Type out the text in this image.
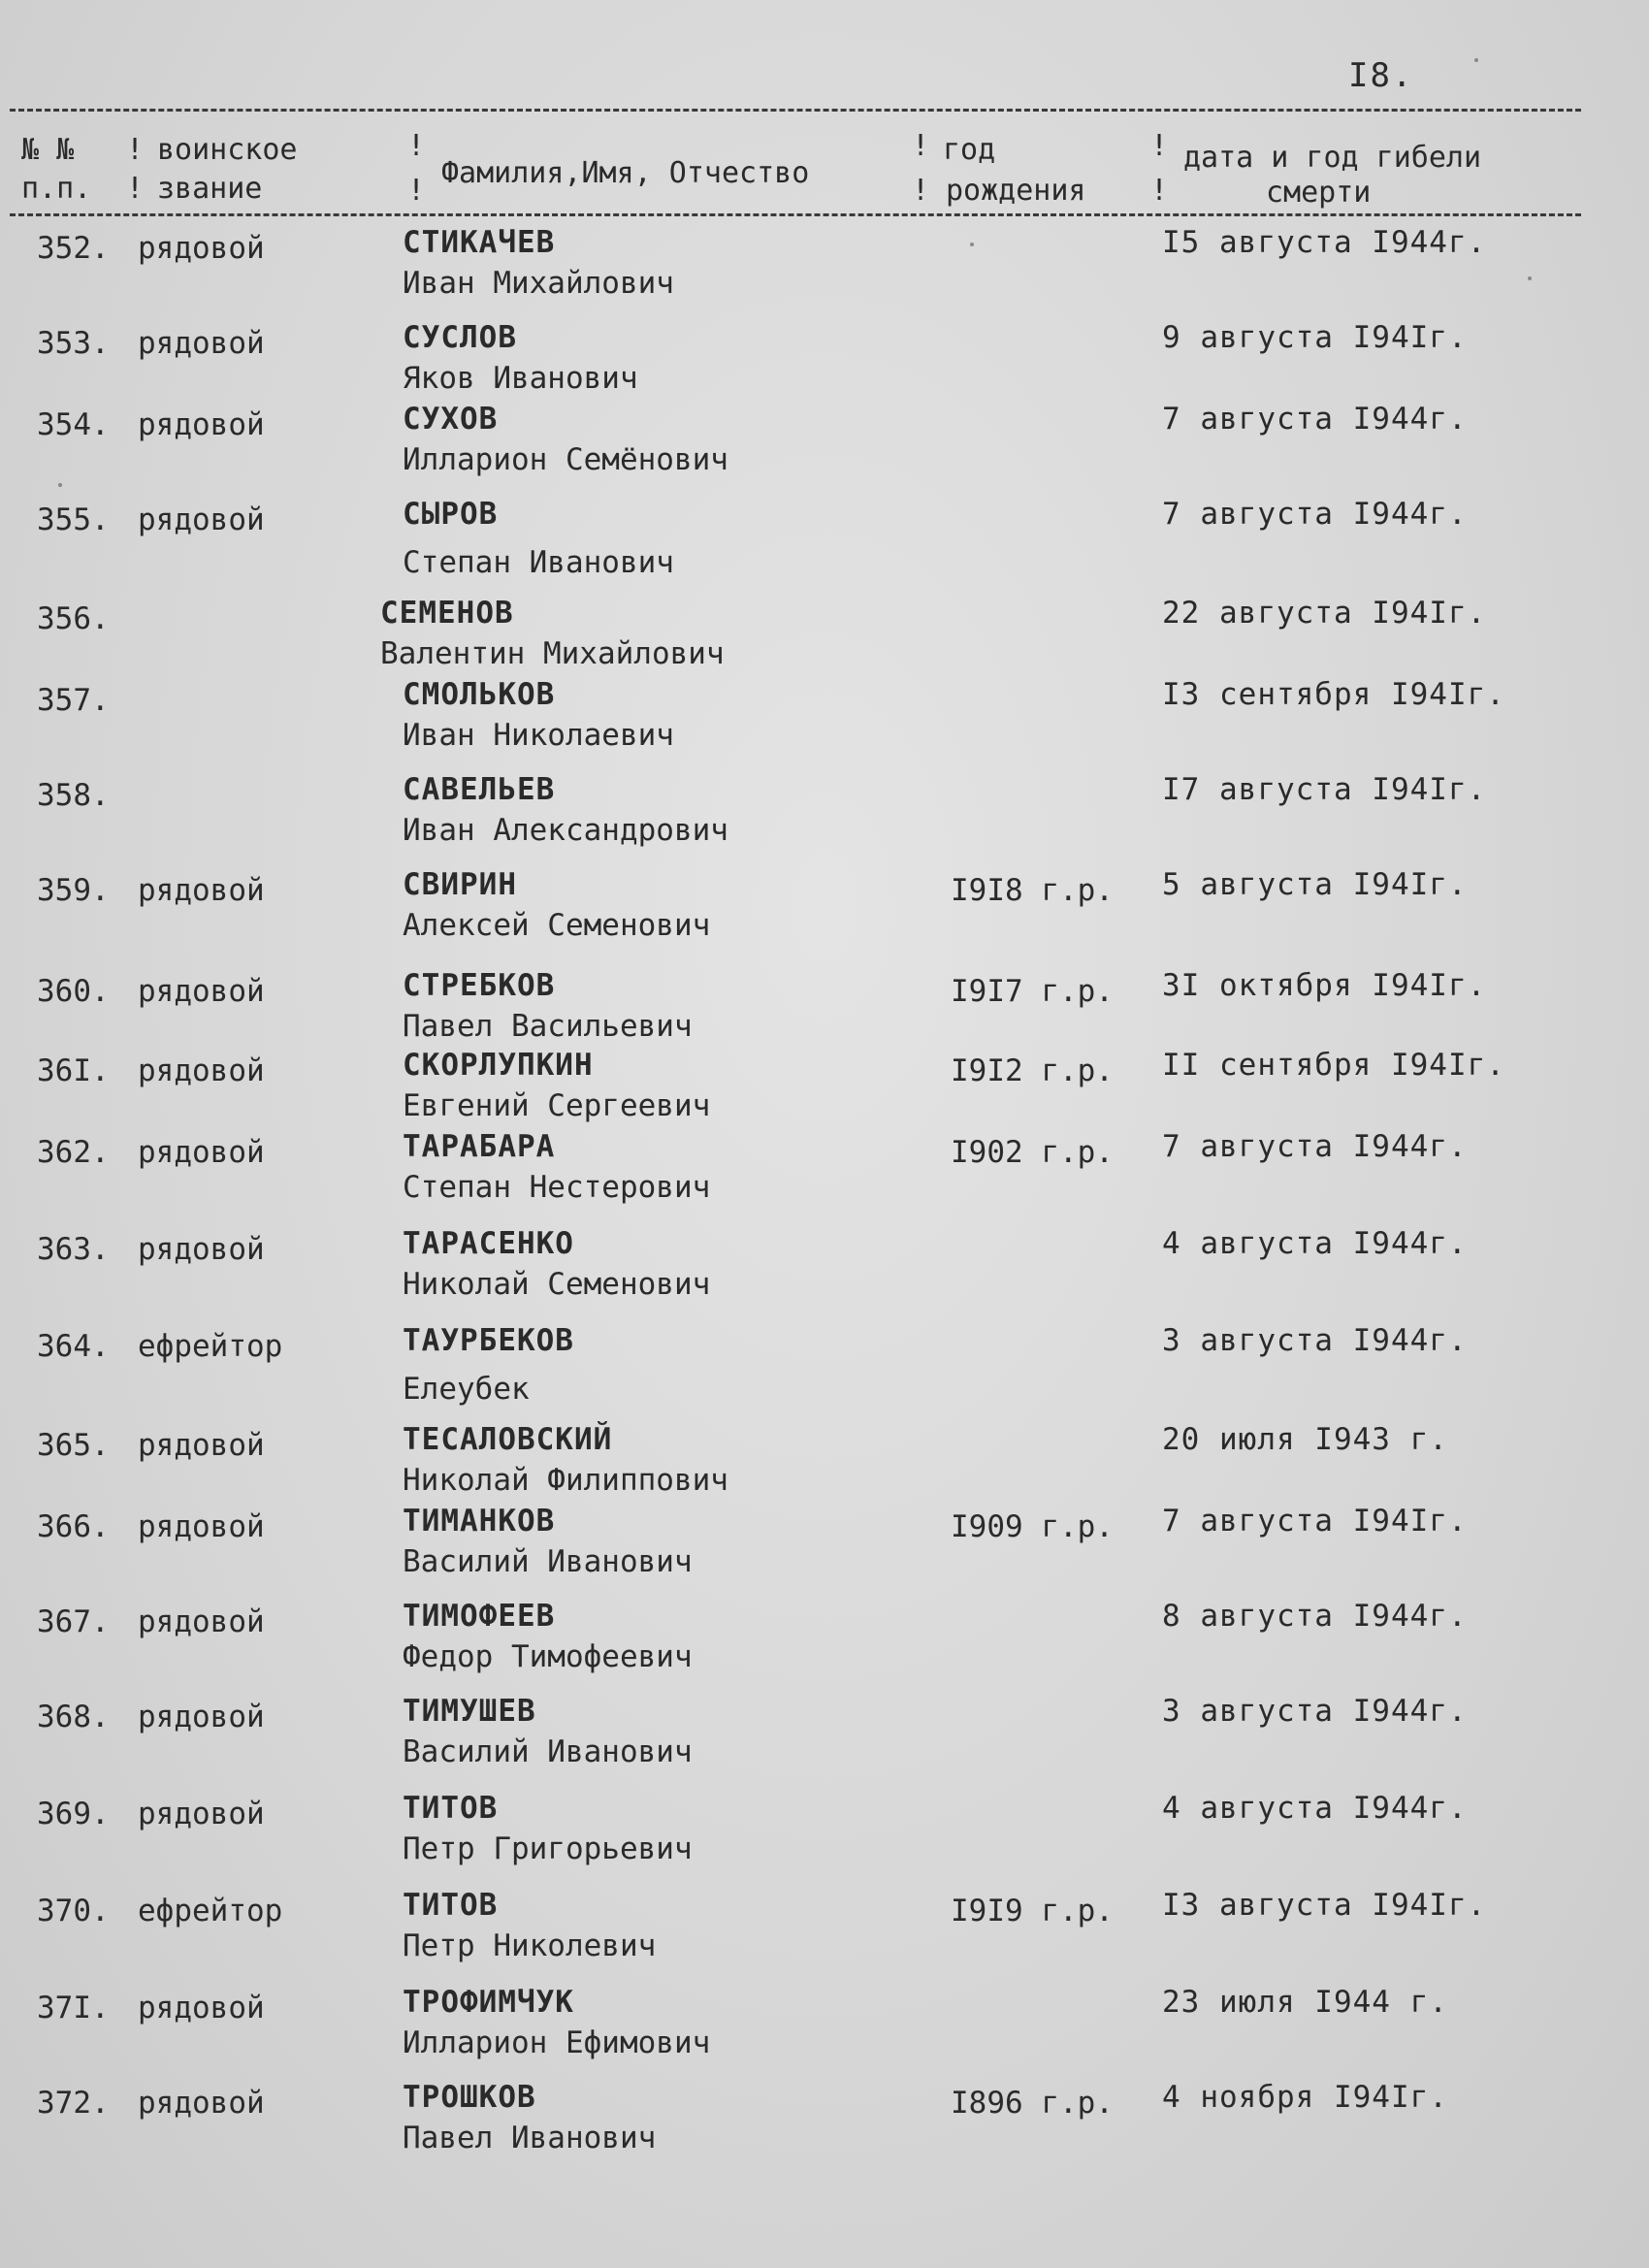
I8.
№ №
п.п.
!
!
воинское
звание
!
!
Фамилия,Имя, Отчество
!
!
год
рождения
!
!
дата и год гибели
смерти
352. рядовой	СТИКАЧЕВ
Иван Михайлович
I5 августа I944г.
353. рядовой	СУСЛОВ
Яков Иванович
9 августа I94Iг.
354. рядовой	СУХОВ
Илларион Семёнович
7 августа I944г.
355. рядовой	СЫРОВ
Степан Иванович
7 августа I944г.
356.	СЕМЕНОВ
Валентин Михайлович
22 августа I94Iг.
357.	СМОЛЬКОВ
Иван Николаевич
I3 сентября I94Iг.
358.	САВЕЛЬЕВ
Иван Александрович
I7 августа I94Iг.
359. рядовой	СВИРИН
Алексей Семенович
I9I8 г.р. 5 августа I94Iг.
360. рядовой	СТРЕБКОВ
Павел Васильевич
I9I7 г.р. 3I октября I94Iг.
36I. рядовой	СКОРЛУПКИН
Евгений Сергеевич
I9I2 г.р. II сентября I94Iг.
362. рядовой	ТАРАБАРА
Степан Нестерович
I902 г.р. 7 августа I944г.
363. рядовой	ТАРАСЕНКО
Николай Семенович
4 августа I944г.
364. ефрейтор	ТАУРБЕКОВ
Елеубек
3 августа I944г.
365. рядовой	ТЕСАЛОВСКИЙ
Николай Филиппович
20 июля I943 г.
366. рядовой	ТИМАНКОВ
Василий Иванович
I909 г.р. 7 августа I94Iг.
367. рядовой	ТИМОФЕЕВ
Федор Тимофеевич
8 августа I944г.
368. рядовой	ТИМУШЕВ
Василий Иванович
3 августа I944г.
369. рядовой	ТИТОВ
Петр Григорьевич
4 августа I944г.
370. ефрейтор	ТИТОВ
Петр Николевич
I9I9 г.р. I3 августа I94Iг.
37I. рядовой	ТРОФИМЧУК
Илларион Ефимович
23 июля I944 г.
372. рядовой	ТРОШКОВ
Павел Иванович
I896 г.р. 4 ноября I94Iг.
